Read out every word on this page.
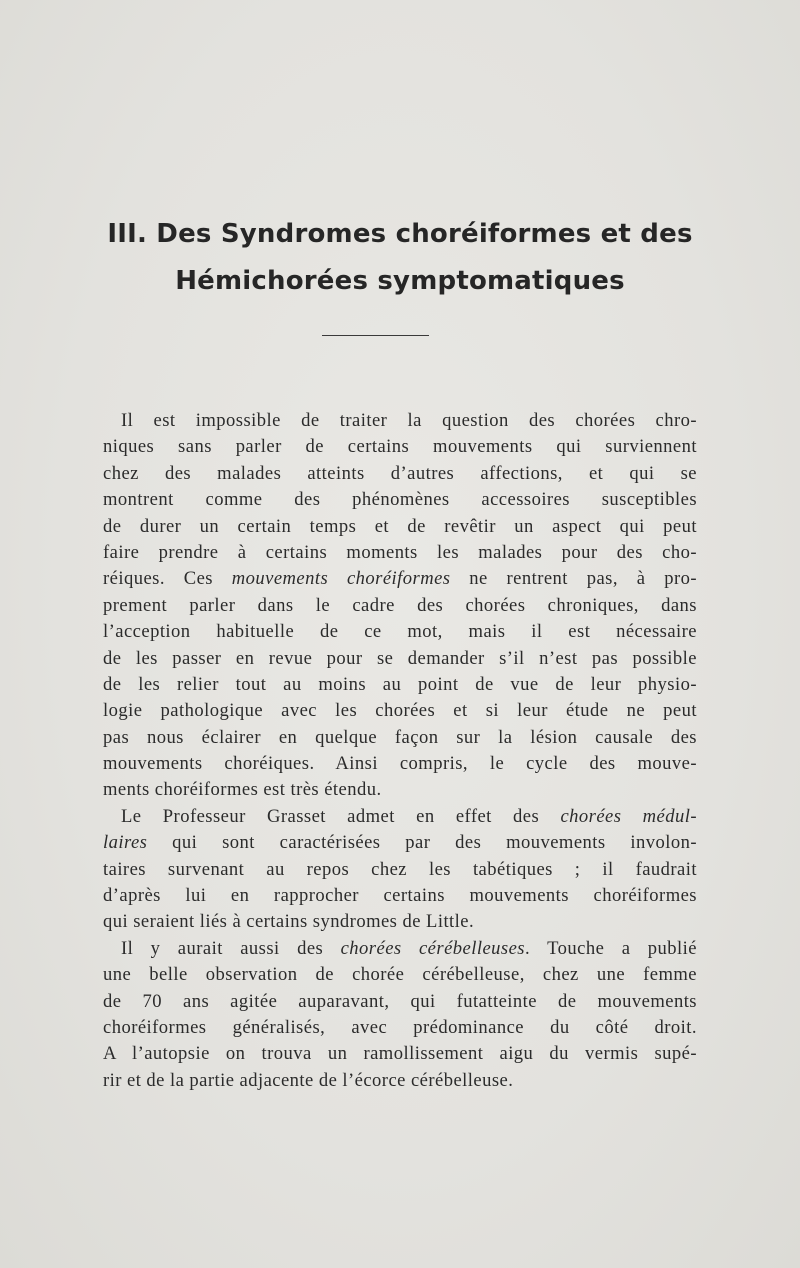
III. Des Syndromes choréiformes et des
Hémichorées symptomatiques
Il est impossible de traiter la question des chorées chro-
niques sans parler de certains mouvements qui surviennent
chez des malades atteints d’autres affections, et qui se
montrent comme des phénomènes accessoires susceptibles
de durer un certain temps et de revêtir un aspect qui peut
faire prendre à certains moments les malades pour des cho-
réiques. Ces mouvements choréiformes ne rentrent pas, à pro-
prement parler dans le cadre des chorées chroniques, dans
l’acception habituelle de ce mot, mais il est nécessaire
de les passer en revue pour se demander s’il n’est pas possible
de les relier tout au moins au point de vue de leur physio-
logie pathologique avec les chorées et si leur étude ne peut
pas nous éclairer en quelque façon sur la lésion causale des
mouvements choréiques. Ainsi compris, le cycle des mouve-
ments choréiformes est très étendu.
Le Professeur Grasset admet en effet des chorées médul-
laires qui sont caractérisées par des mouvements involon-
taires survenant au repos chez les tabétiques ; il faudrait
d’après lui en rapprocher certains mouvements choréiformes
qui seraient liés à certains syndromes de Little.
Il y aurait aussi des chorées cérébelleuses. Touche a publié
une belle observation de chorée cérébelleuse, chez une femme
de 70 ans agitée auparavant, qui futatteinte de mouvements
choréiformes généralisés, avec prédominance du côté droit.
A l’autopsie on trouva un ramollissement aigu du vermis supé-
rir et de la partie adjacente de l’écorce cérébelleuse.
